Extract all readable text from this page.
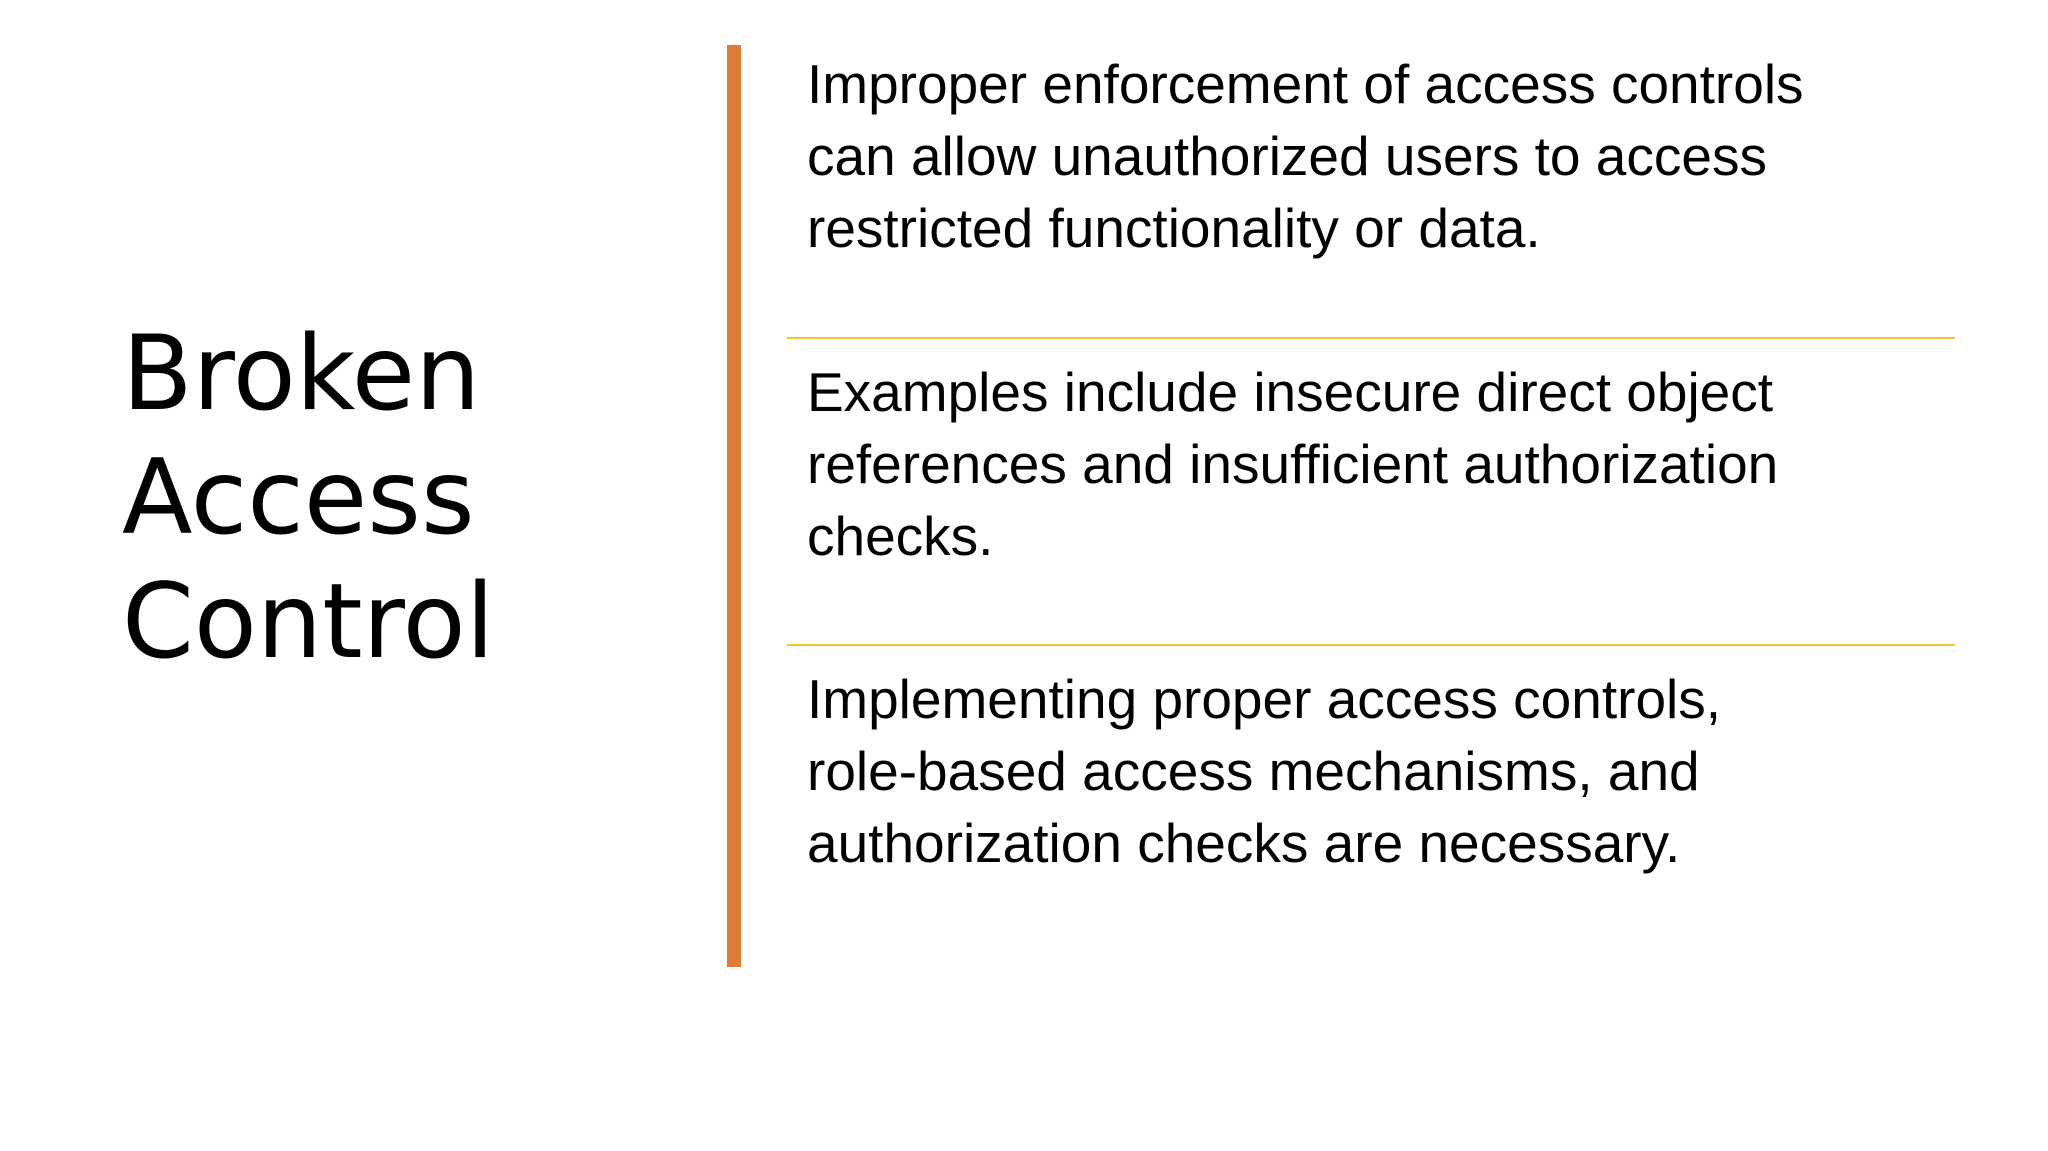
Broken
Access
Control

Improper enforcement of access controls
can allow unauthorized users to access
restricted functionality or data.

Examples include insecure direct object
references and insufficient authorization
checks.

Implementing proper access controls,
role-based access mechanisms, and
authorization checks are necessary.
